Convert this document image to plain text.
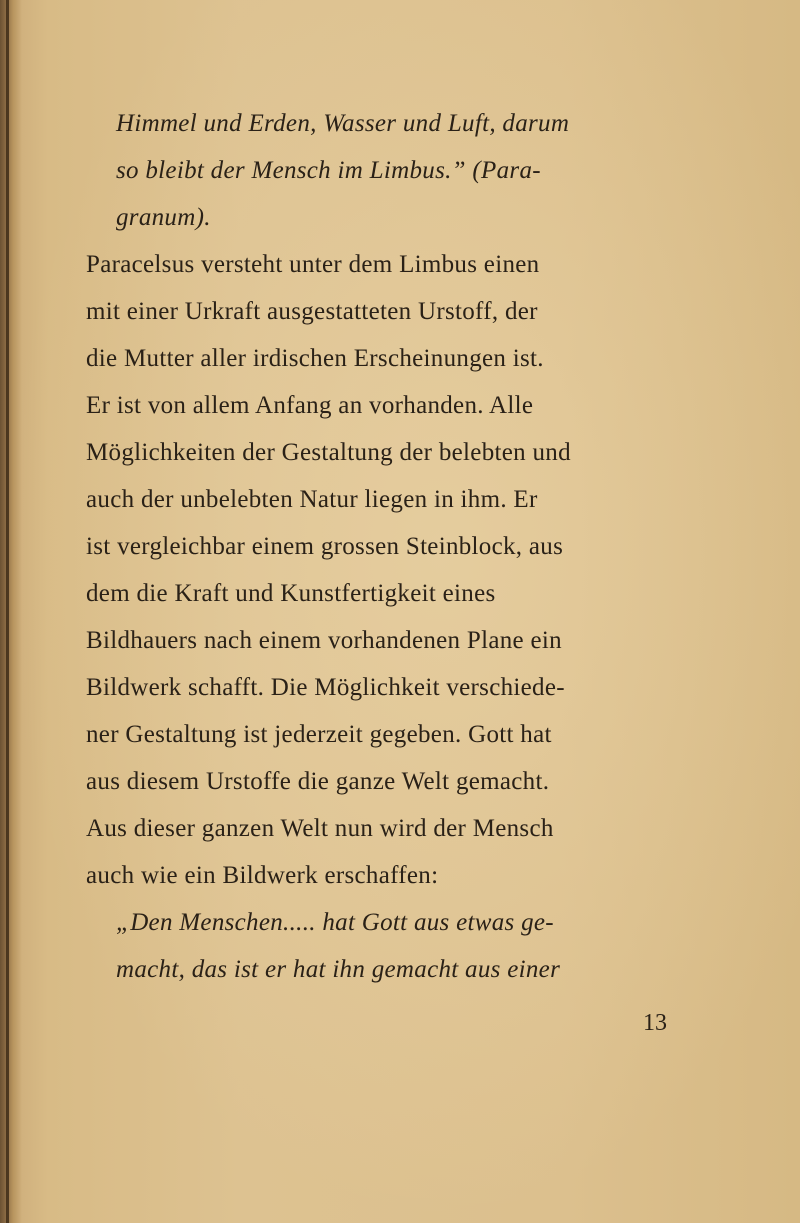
Himmel und Erden, Wasser und Luft, darum
so bleibt der Mensch im Limbus.” (Para-
granum).
Paracelsus versteht unter dem Limbus einen
mit einer Urkraft ausgestatteten Urstoff, der
die Mutter aller irdischen Erscheinungen ist.
Er ist von allem Anfang an vorhanden. Alle
Möglichkeiten der Gestaltung der belebten und
auch der unbelebten Natur liegen in ihm. Er
ist vergleichbar einem grossen Steinblock, aus
dem die Kraft und Kunstfertigkeit eines
Bildhauers nach einem vorhandenen Plane ein
Bildwerk schafft. Die Möglichkeit verschiede-
ner Gestaltung ist jederzeit gegeben. Gott hat
aus diesem Urstoffe die ganze Welt gemacht.
Aus dieser ganzen Welt nun wird der Mensch
auch wie ein Bildwerk erschaffen:
„Den Menschen..... hat Gott aus etwas ge-
macht, das ist er hat ihn gemacht aus einer
13
